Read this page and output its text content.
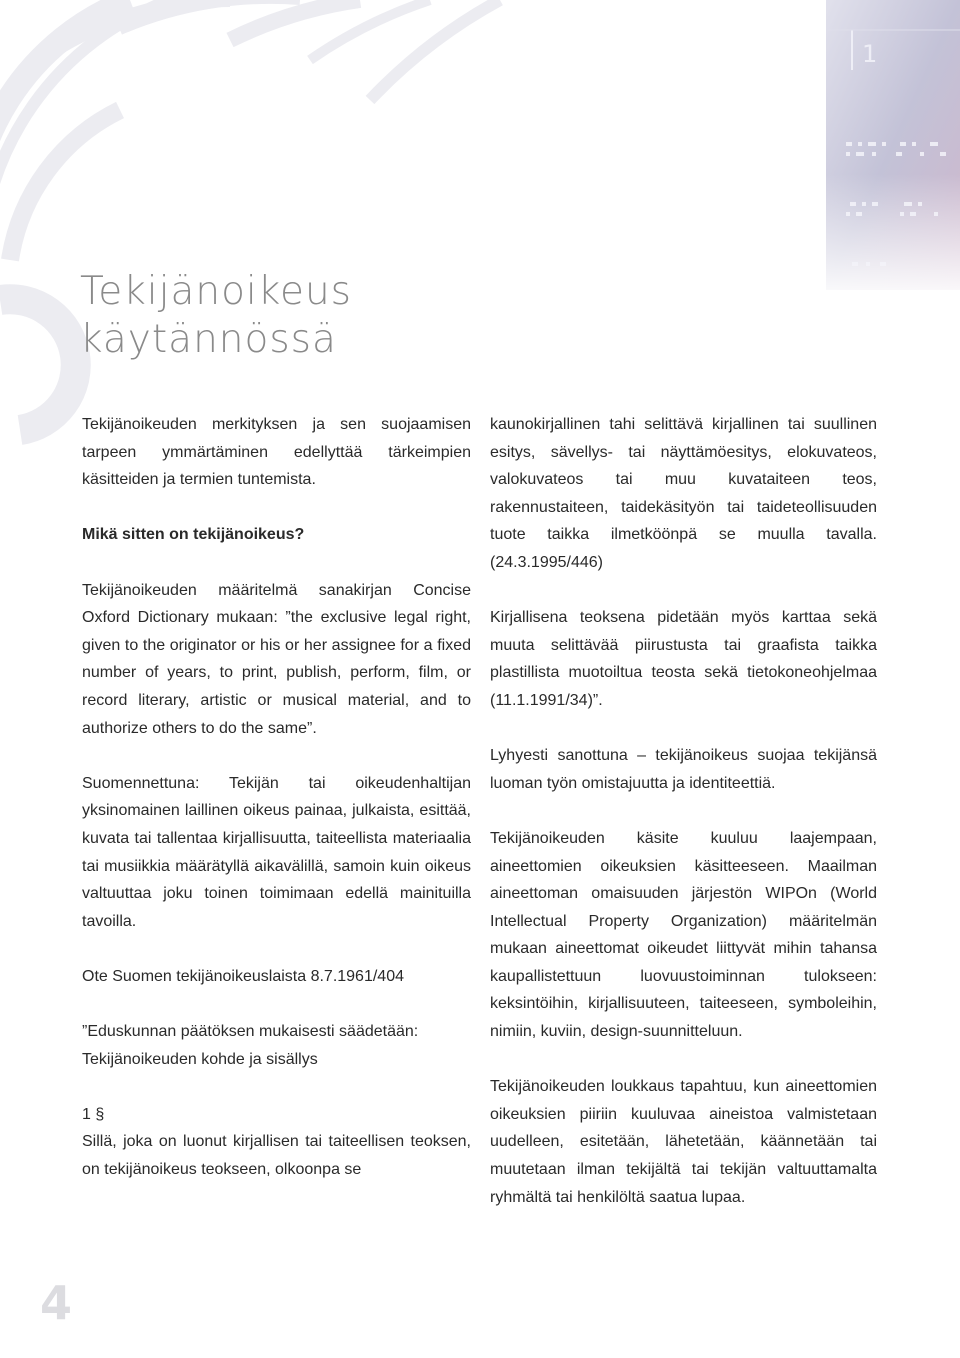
1
Tekijänoikeus
käytännössä

Tekijänoikeuden merkityksen ja sen suojaamisen tarpeen ymmärtäminen edellyttää tärkeimpien käsitteiden ja termien tuntemista.

Mikä sitten on tekijänoikeus?

Tekijänoikeuden määritelmä sanakirjan Concise Oxford Dictionary mukaan: ”the exclusive legal right, given to the originator or his or her assignee for a fixed number of years, to print, publish, perform, film, or record literary, artistic or musical material, and to authorize others to do the same”.

Suomennettuna: Tekijän tai oikeudenhaltijan yksinomainen laillinen oikeus painaa, julkaista, esittää, kuvata tai tallentaa kirjallisuutta, taiteellista materiaalia tai musiikkia määrätyllä aikavälillä, samoin kuin oikeus valtuuttaa joku toinen toimimaan edellä mainituilla tavoilla.

Ote Suomen tekijänoikeuslaista 8.7.1961/404

”Eduskunnan päätöksen mukaisesti säädetään:

Tekijänoikeuden kohde ja sisällys

1 §

Sillä, joka on luonut kirjallisen tai taiteellisen teoksen, on tekijänoikeus teokseen, olkoonpa se

kaunokirjallinen tahi selittävä kirjallinen tai suullinen esitys, sävellys- tai näyttämöesitys, elokuvateos, valokuvateos tai muu kuvataiteen teos, rakennustaiteen, taidekäsityön tai taideteollisuuden tuote taikka ilmetköönpä se muulla tavalla. (24.3.1995/446)

Kirjallisena teoksena pidetään myös karttaa sekä muuta selittävää piirustusta tai graafista taikka plastillista muotoiltua teosta sekä tietokoneohjelmaa (11.1.1991/34)”.

Lyhyesti sanottuna – tekijänoikeus suojaa tekijänsä luoman työn omistajuutta ja identiteettiä.

Tekijänoikeuden käsite kuuluu laajempaan, aineettomien oikeuksien käsitteeseen. Maailman aineettoman omaisuuden järjestön WIPOn (World Intellectual Property Organization) määritelmän mukaan aineettomat oikeudet liittyvät mihin tahansa kaupallistettuun luovuustoiminnan tulokseen: keksintöihin, kirjallisuuteen, taiteeseen, symboleihin, nimiin, kuviin, design-suunnitteluun.

Tekijänoikeuden loukkaus tapahtuu, kun aineettomien oikeuksien piiriin kuuluvaa aineistoa valmistetaan uudelleen, esitetään, lähetetään, käännetään tai muutetaan ilman tekijältä tai tekijän valtuuttamalta ryhmältä tai henkilöltä saatua lupaa.

4
